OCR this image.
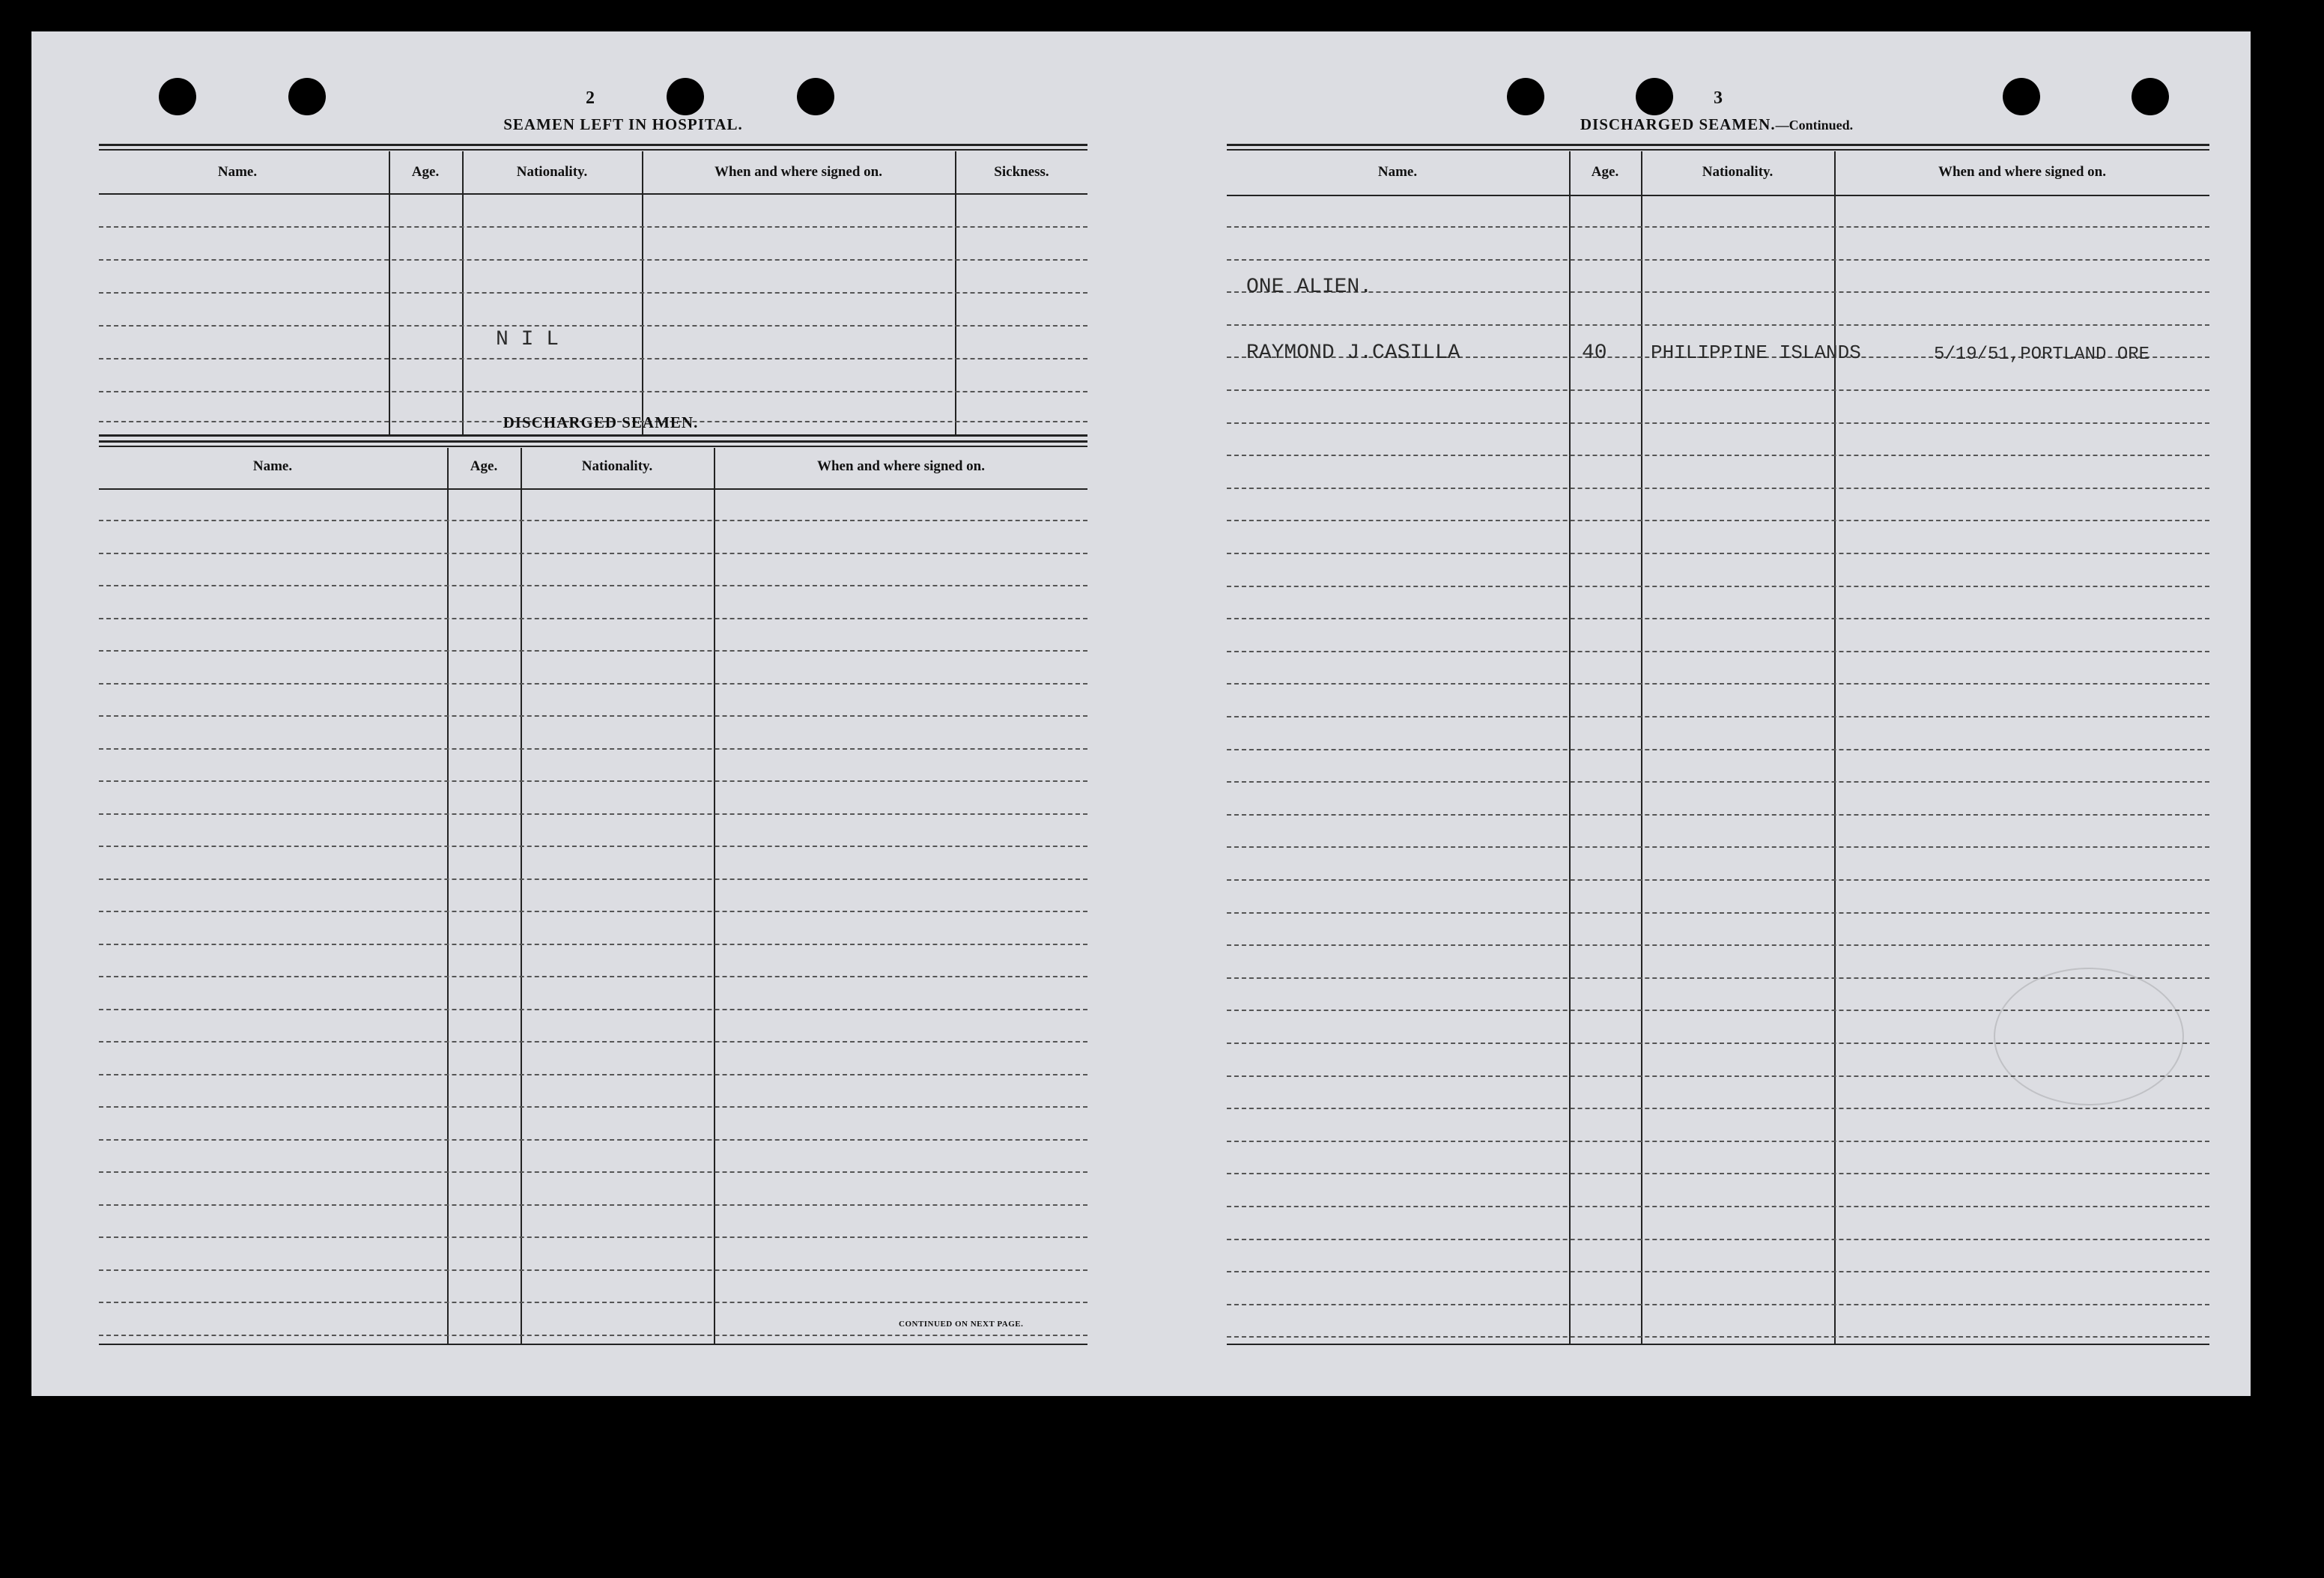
2
SEAMEN LEFT IN HOSPITAL.
Name.	Age.	Nationality.	When and where signed on.	Sickness.
N I L
DISCHARGED SEAMEN.
Name.	Age.	Nationality.	When and where signed on.
CONTINUED ON NEXT PAGE.
3
DISCHARGED SEAMEN.—Continued.
Name.	Age.	Nationality.	When and where signed on.
ONE ALIEN.
RAYMOND J.CASILLA	40 PHILIPPINE ISLANDS	5/19/51,PORTLAND ORE
